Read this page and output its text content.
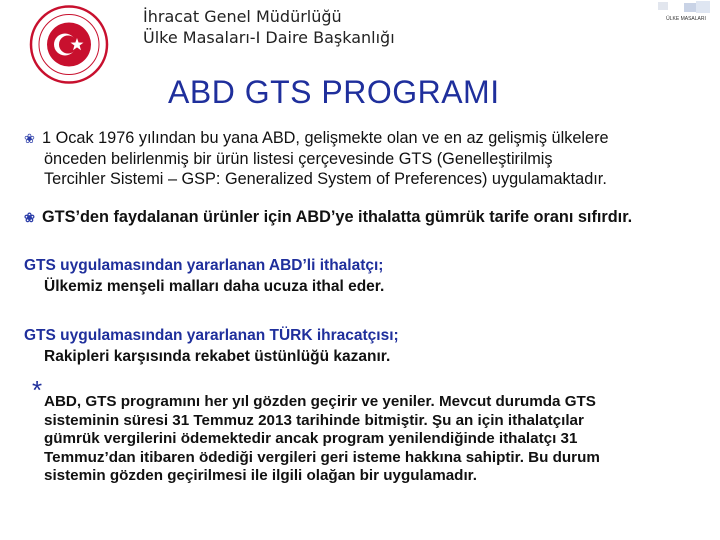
İhracat Genel Müdürlüğü
Ülke Masaları-I Daire Başkanlığı
ÜLKE MASALARI
ABD GTS PROGRAMI
❀ 1 Ocak 1976 yılından bu yana ABD, gelişmekte olan ve en az gelişmiş ülkelere
önceden belirlenmiş bir ürün listesi çerçevesinde GTS (Genelleştirilmiş
Tercihler Sistemi – GSP: Generalized System of Preferences) uygulamaktadır.
❀ GTS’den faydalanan ürünler için ABD’ye ithalatta gümrük tarife oranı sıfırdır.
GTS uygulamasından yararlanan ABD’li ithalatçı;
Ülkemiz menşeli malları daha ucuza ithal eder.
GTS uygulamasından yararlanan TÜRK ihracatçısı;
Rakipleri karşısında rekabet üstünlüğü kazanır.
* ABD, GTS programını her yıl gözden geçirir ve yeniler. Mevcut durumda GTS
sisteminin süresi 31 Temmuz 2013 tarihinde bitmiştir. Şu an için ithalatçılar
gümrük vergilerini ödemektedir ancak program yenilendiğinde ithalatçı 31
Temmuz’dan itibaren ödediği vergileri geri isteme hakkına sahiptir. Bu durum
sistemin gözden geçirilmesi ile ilgili olağan bir uygulamadır.
